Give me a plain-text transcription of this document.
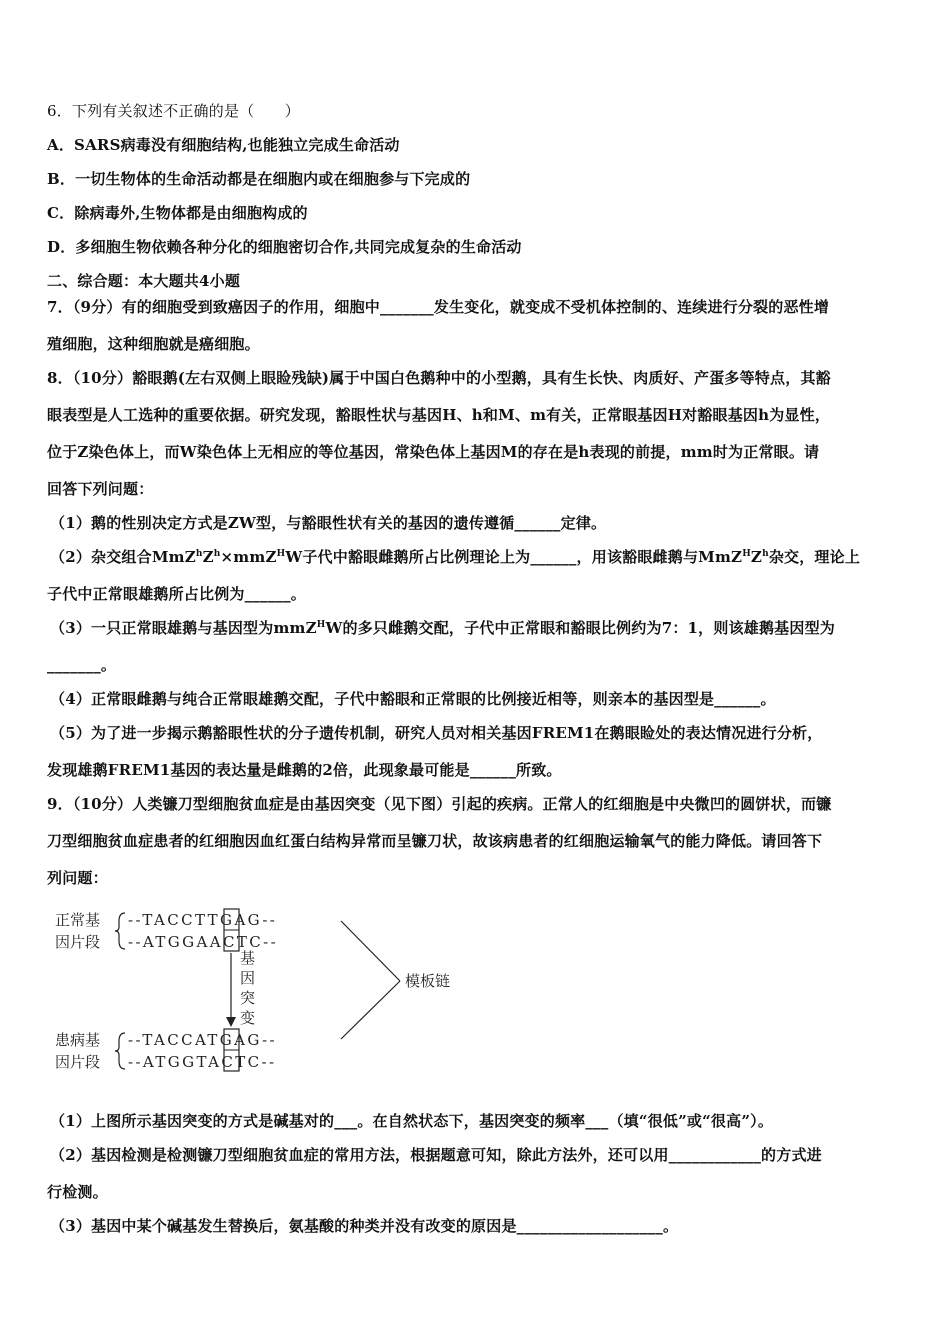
6．下列有关叙述不正确的是（　　）
A．SARS病毒没有细胞结构,也能独立完成生命活动
B．一切生物体的生命活动都是在细胞内或在细胞参与下完成的
C．除病毒外,生物体都是由细胞构成的
D．多细胞生物依赖各种分化的细胞密切合作,共同完成复杂的生命活动
二、综合题：本大题共4小题
7．（9分）有的细胞受到致癌因子的作用，细胞中_______发生变化，就变成不受机体控制的、连续进行分裂的恶性增
殖细胞，这种细胞就是癌细胞。
8．（10分）豁眼鹅(左右双侧上眼睑残缺)属于中国白色鹅种中的小型鹅，具有生长快、肉质好、产蛋多等特点，其豁
眼表型是人工选种的重要依据。研究发现，豁眼性状与基因H、h和M、m有关，正常眼基因H对豁眼基因h为显性，
位于Z染色体上，而W染色体上无相应的等位基因，常染色体上基因M的存在是h表现的前提，mm时为正常眼。请
回答下列问题：
（1）鹅的性别决定方式是ZW型，与豁眼性状有关的基因的遗传遵循______定律。
（2）杂交组合$MmZ^hZ^h\times mmZ^HW$子代中豁眼雌鹅所占比例理论上为______，用该豁眼雌鹅与$MmZ^HZ^h$杂交，理论上
子代中正常眼雄鹅所占比例为______。
（3）一只正常眼雄鹅与基因型为mmZ$^H$W的多只雌鹅交配，子代中正常眼和豁眼比例约为7：1，则该雄鹅基因型为
_______。
（4）正常眼雌鹅与纯合正常眼雄鹅交配，子代中豁眼和正常眼的比例接近相等，则亲本的基因型是______。
（5）为了进一步揭示鹅豁眼性状的分子遗传机制，研究人员对相关基因FREM1在鹅眼睑处的表达情况进行分析，
发现雄鹅FREM1基因的表达量是雌鹅的2倍，此现象最可能是______所致。
9．（10分）人类镰刀型细胞贫血症是由基因突变（见下图）引起的疾病。正常人的红细胞是中央微凹的圆饼状，而镰
刀型细胞贫血症患者的红细胞因血红蛋白结构异常而呈镰刀状，故该病患者的红细胞运输氧气的能力降低。请回答下
列问题：
正常基
因片段
患病基
因片段
--TACCTTGAG--
--ATGGAACTC--
--TACCATGAG--
--ATGGTACTC--
基
因
突
变
模板链
（1）上图所示基因突变的方式是碱基对的___。在自然状态下，基因突变的频率___（填“很低”或“很高”）。
（2）基因检测是检测镰刀型细胞贫血症的常用方法，根据题意可知，除此方法外，还可以用____________的方式进
行检测。
（3）基因中某个碱基发生替换后，氨基酸的种类并没有改变的原因是___________________。
